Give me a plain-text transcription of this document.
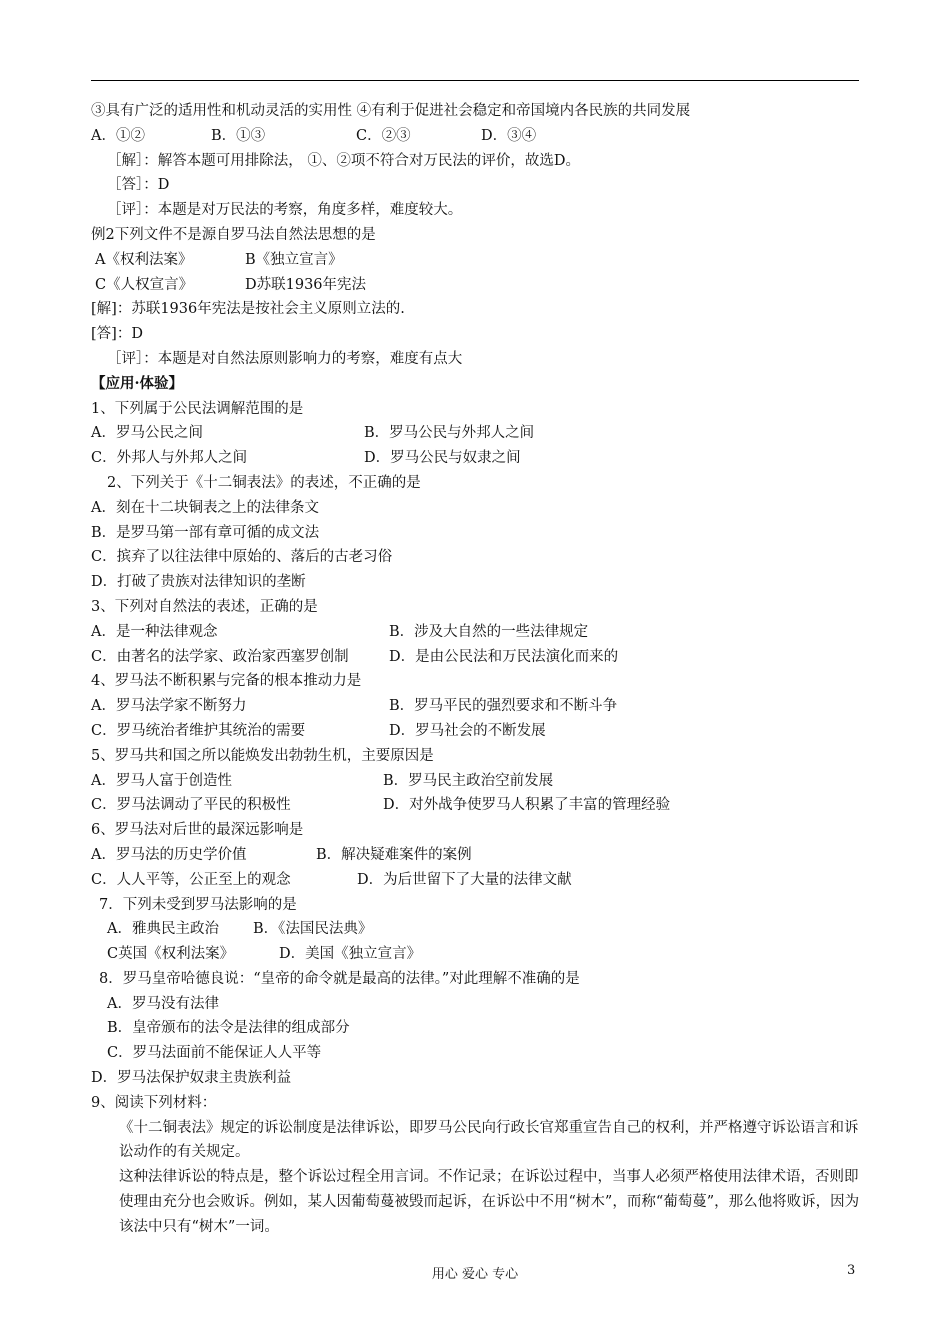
③具有广泛的适用性和机动灵活的实用性 ④有利于促进社会稳定和帝国境内各民族的共同发展
A．①②	B．①③	C．②③	D．③④
［解］：解答本题可用排除法， ①、②项不符合对万民法的评价，故选D。
［答］：D
［评］：本题是对万民法的考察，角度多样，难度较大。
例2下列文件不是源自罗马法自然法思想的是
A《权利法案》	B《独立宣言》
C《人权宣言》	D苏联1936年宪法
[解]：苏联1936年宪法是按社会主义原则立法的.
[答]：D
［评］：本题是对自然法原则影响力的考察，难度有点大
【应用·体验】
1、下列属于公民法调解范围的是
A．罗马公民之间	B．罗马公民与外邦人之间
C．外邦人与外邦人之间	D．罗马公民与奴隶之间
2、下列关于《十二铜表法》的表述，不正确的是
A．刻在十二块铜表之上的法律条文
B．是罗马第一部有章可循的成文法
C．摈弃了以往法律中原始的、落后的古老习俗
D．打破了贵族对法律知识的垄断
3、下列对自然法的表述，正确的是
A．是一种法律观念	B．涉及大自然的一些法律规定
C．由著名的法学家、政治家西塞罗创制	D．是由公民法和万民法演化而来的
4、罗马法不断积累与完备的根本推动力是
A．罗马法学家不断努力	B．罗马平民的强烈要求和不断斗争
C．罗马统治者维护其统治的需要	D．罗马社会的不断发展
5、罗马共和国之所以能焕发出勃勃生机，主要原因是
A．罗马人富于创造性	B．罗马民主政治空前发展
C．罗马法调动了平民的积极性	D．对外战争使罗马人积累了丰富的管理经验
6、罗马法对后世的最深远影响是
A．罗马法的历史学价值	B．解决疑难案件的案例
C．人人平等，公正至上的观念	D．为后世留下了大量的法律文献
7．下列未受到罗马法影响的是
A．雅典民主政治 B．《法国民法典》
C英国《权利法案》	D．美国《独立宣言》
8．罗马皇帝哈德良说：“皇帝的命令就是最高的法律。”对此理解不准确的是
A．罗马没有法律
B．皇帝颁布的法令是法律的组成部分
C．罗马法面前不能保证人人平等
D．罗马法保护奴隶主贵族利益
9、阅读下列材料：
《十二铜表法》规定的诉讼制度是法律诉讼，即罗马公民向行政长官郑重宣告自己的权利，并严格遵守诉讼语言和诉讼动作的有关规定。
这种法律诉讼的特点是，整个诉讼过程全用言词。不作记录；在诉讼过程中，当事人必须严格使用法律术语，否则即使理由充分也会败诉。例如，某人因葡萄蔓被毁而起诉，在诉讼中不用“树木”，而称“葡萄蔓”，那么他将败诉，因为该法中只有“树木”一词。
用心 爱心 专心	3
